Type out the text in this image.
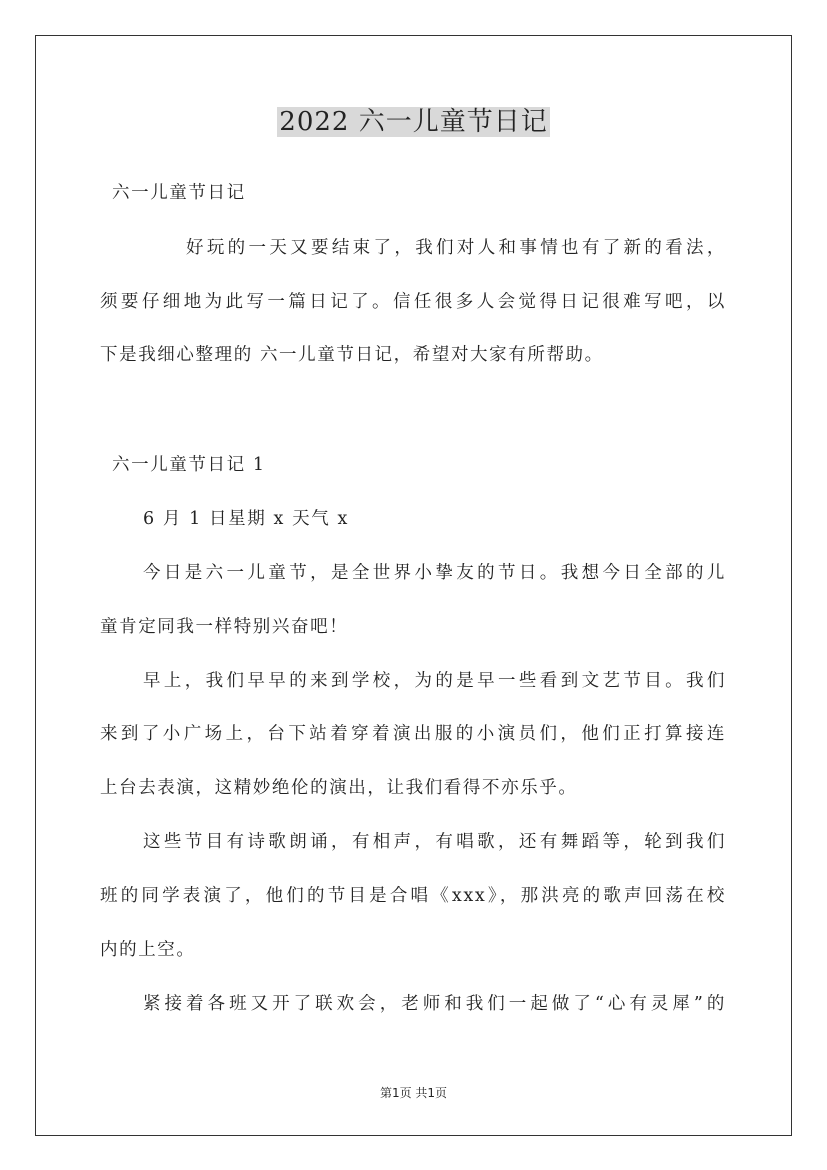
2022 六一儿童节日记
六一儿童节日记
好玩的一天又要结束了，我们对人和事情也有了新的看法，
须要仔细地为此写一篇日记了。信任很多人会觉得日记很难写吧，以
下是我细心整理的 六一儿童节日记，希望对大家有所帮助。
六一儿童节日记 1
6 月 1 日星期 x 天气 x
今日是六一儿童节，是全世界小挚友的节日。我想今日全部的儿
童肯定同我一样特别兴奋吧！
早上，我们早早的来到学校，为的是早一些看到文艺节目。我们
来到了小广场上，台下站着穿着演出服的小演员们，他们正打算接连
上台去表演，这精妙绝伦的演出，让我们看得不亦乐乎。
这些节目有诗歌朗诵，有相声，有唱歌，还有舞蹈等，轮到我们
班的同学表演了，他们的节目是合唱《xxx》，那洪亮的歌声回荡在校
内的上空。
紧接着各班又开了联欢会，老师和我们一起做了“心有灵犀”的
第1页 共1页
